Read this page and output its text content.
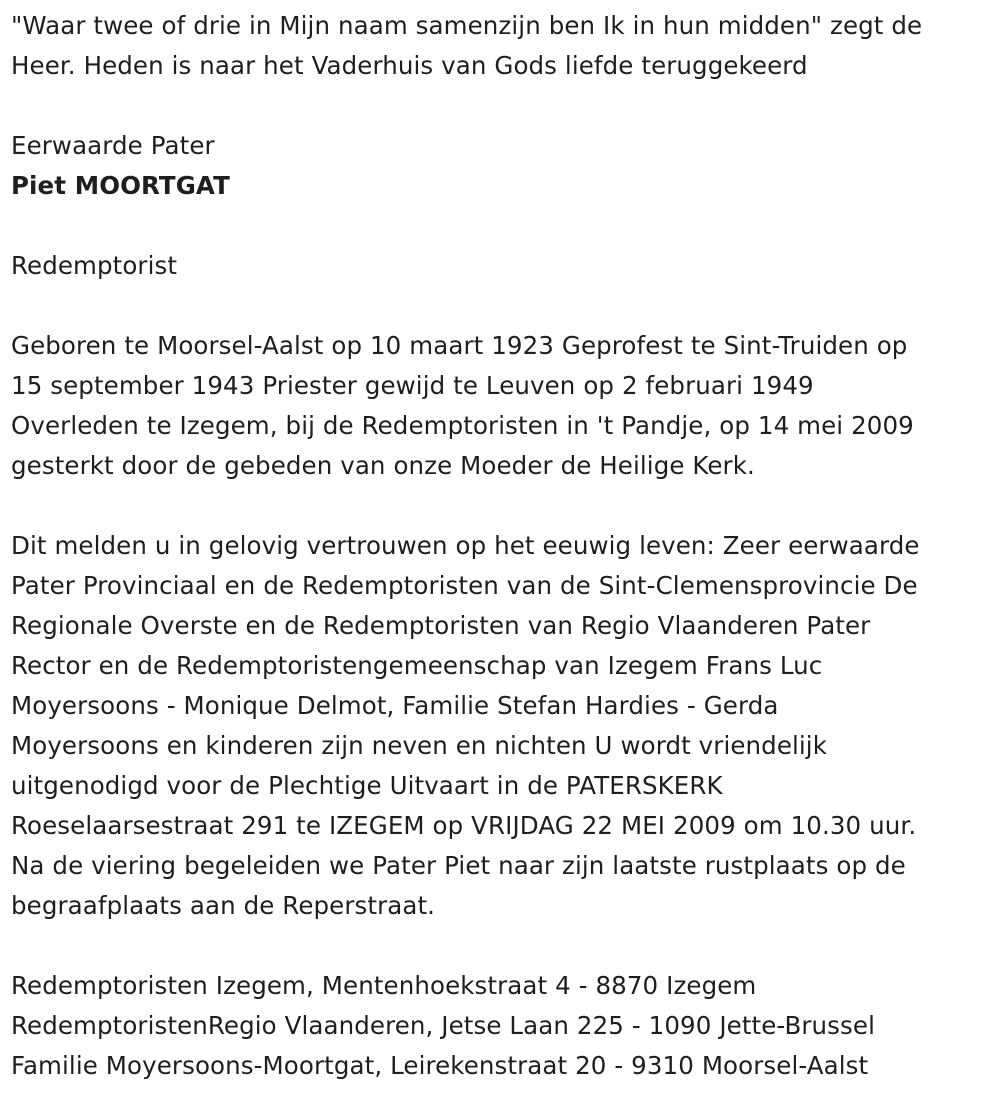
"Waar twee of drie in Mijn naam samenzijn ben Ik in hun midden" zegt de
Heer. Heden is naar het Vaderhuis van Gods liefde teruggekeerd
Eerwaarde Pater
Piet MOORTGAT
Redemptorist
Geboren te Moorsel-Aalst op 10 maart 1923 Geprofest te Sint-Truiden op
15 september 1943 Priester gewijd te Leuven op 2 februari 1949
Overleden te Izegem, bij de Redemptoristen in 't Pandje, op 14 mei 2009
gesterkt door de gebeden van onze Moeder de Heilige Kerk.
Dit melden u in gelovig vertrouwen op het eeuwig leven: Zeer eerwaarde
Pater Provinciaal en de Redemptoristen van de Sint-Clemensprovincie De
Regionale Overste en de Redemptoristen van Regio Vlaanderen Pater
Rector en de Redemptoristengemeenschap van Izegem Frans Luc
Moyersoons - Monique Delmot, Familie Stefan Hardies - Gerda
Moyersoons en kinderen zijn neven en nichten U wordt vriendelijk
uitgenodigd voor de Plechtige Uitvaart in de PATERSKERK
Roeselaarsestraat 291 te IZEGEM op VRIJDAG 22 MEI 2009 om 10.30 uur.
Na de viering begeleiden we Pater Piet naar zijn laatste rustplaats op de
begraafplaats aan de Reperstraat.
Redemptoristen Izegem, Mentenhoekstraat 4 - 8870 Izegem
RedemptoristenRegio Vlaanderen, Jetse Laan 225 - 1090 Jette-Brussel
Familie Moyersoons-Moortgat, Leirekenstraat 20 - 9310 Moorsel-Aalst
